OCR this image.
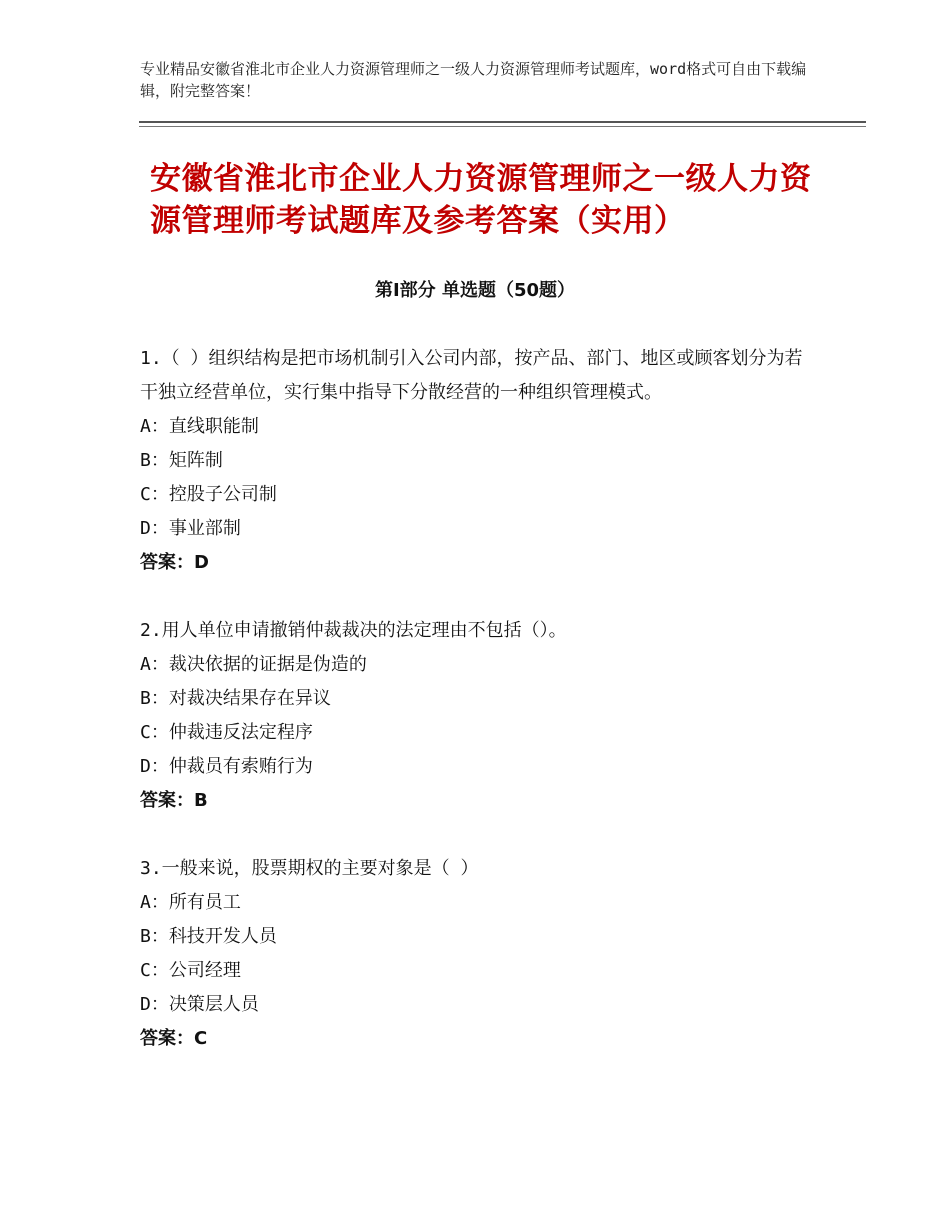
专业精品安徽省淮北市企业人力资源管理师之一级人力资源管理师考试题库，word格式可自由下载编辑，附完整答案！
安徽省淮北市企业人力资源管理师之一级人力资源管理师考试题库及参考答案（实用）
第Ⅰ部分 单选题（50题）

1.（ ）组织结构是把市场机制引入公司内部，按产品、部门、地区或顾客划分为若干独立经营单位，实行集中指导下分散经营的一种组织管理模式。

A：直线职能制

B：矩阵制

C：控股子公司制

D：事业部制

答案：D

2.用人单位申请撤销仲裁裁决的法定理由不包括（）。

A：裁决依据的证据是伪造的

B：对裁决结果存在异议

C：仲裁违反法定程序

D：仲裁员有索贿行为

答案：B

3.一般来说，股票期权的主要对象是（ ）

A：所有员工

B：科技开发人员

C：公司经理

D：决策层人员

答案：C
